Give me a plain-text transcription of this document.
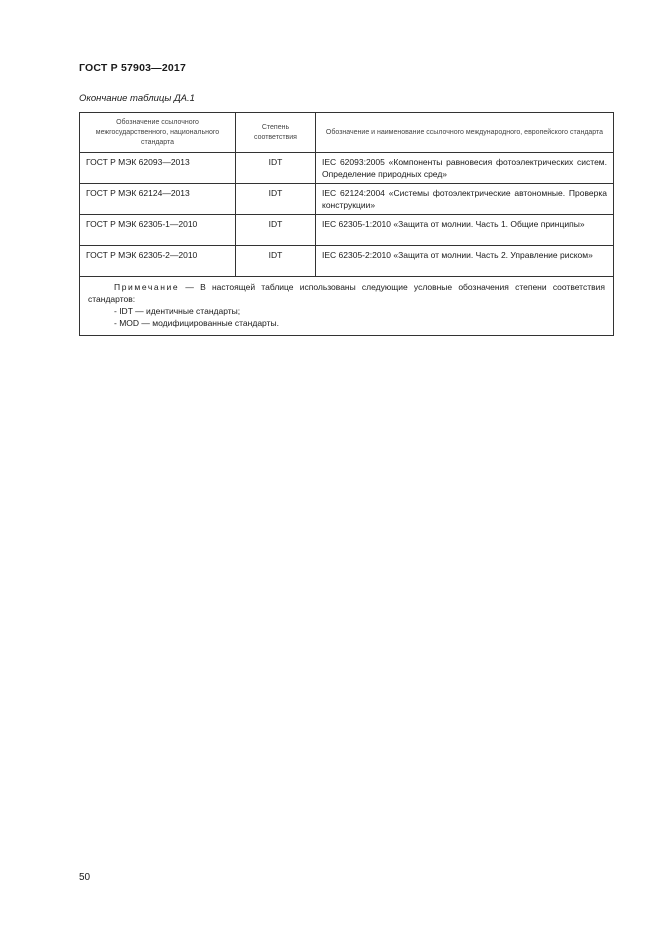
ГОСТ Р 57903—2017
Окончание таблицы ДА.1
Обозначение ссылочного межгосударственного, национального стандарта	Степень соответствия	Обозначение и наименование ссылочного международного, европейского стандарта
ГОСТ Р МЭК 62093—2013	IDT	IEC 62093:2005 «Компоненты равновесия фотоэлектрических систем. Определение природных сред»
ГОСТ Р МЭК 62124—2013	IDT	IEC 62124:2004 «Системы фотоэлектрические автономные. Проверка конструкции»
ГОСТ Р МЭК 62305-1—2010	IDT	IEC 62305-1:2010 «Защита от молнии. Часть 1. Общие принципы»
ГОСТ Р МЭК 62305-2—2010	IDT	IEC 62305-2:2010 «Защита от молнии. Часть 2. Управление риском»

Примечание — В настоящей таблице использованы следующие условные обозначения степени соответствия стандартов:
- IDT — идентичные стандарты;
- MOD — модифицированные стандарты.		
50
